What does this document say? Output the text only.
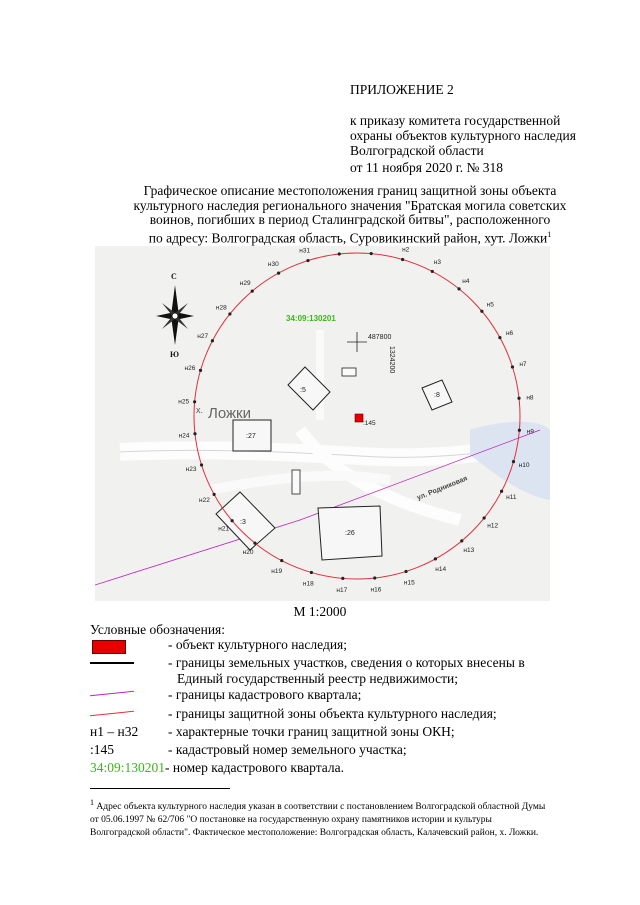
ПРИЛОЖЕНИЕ 2
к приказу комитета государственной
охраны объектов культурного наследия
Волгоградской области
от 11 ноября 2020 г. № 318
Графическое описание местоположения границ защитной зоны объекта
культурного наследия регионального значения "Братская могила советских
воинов, погибших в период Сталинградской битвы", расположенного
по адресу: Волгоградская область, Суровикинский район, хут. Ложки$^1$
н2
н3
н4
н5
н6
н7
н8
н9
н10
н11
н12
н13
н14
н15
н16
н17
н18
н19
н20
н21
н22
н23
н24
н25
н26
н27
н28
н29
н30
н31
34:09:130201
487800
1324200
х. Ложки
ул. Родниковая
:5
:8
:27
:3
:26
:145
С
Ю
М 1:2000
Условные обозначения:
- объект культурного наследия;
- границы земельных участков, сведения о которых внесены в
Единый государственный реестр недвижимости;
- границы кадастрового квартала;
- границы защитной зоны объекта культурного наследия;
н1 – н32 - характерные точки границ защитной зоны ОКН;
:145	- кадастровый номер земельного участка;
34:09:130201- номер кадастрового квартала.
$^1$ Адрес объекта культурного наследия указан в соответствии с постановлением Волгоградской областной Думы
от 05.06.1997 № 62/706 "О постановке на государственную охрану памятников истории и культуры
Волгоградской области". Фактическое местоположение: Волгоградская область, Калачевский район, х. Ложки.
